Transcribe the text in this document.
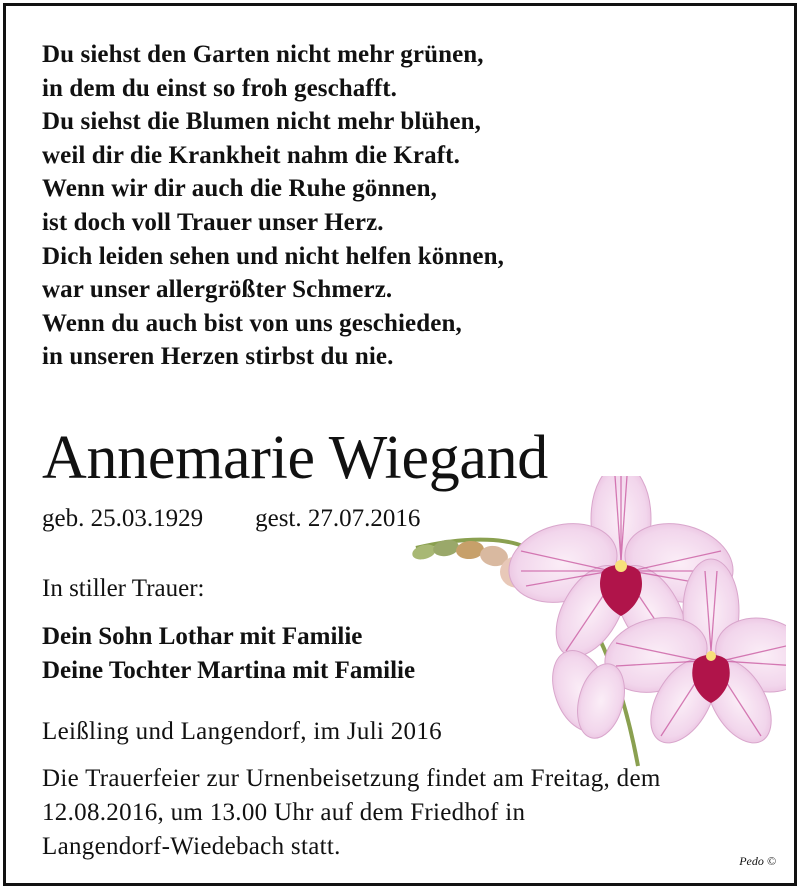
Du siehst den Garten nicht mehr grünen,
in dem du einst so froh geschafft.
Du siehst die Blumen nicht mehr blühen,
weil dir die Krankheit nahm die Kraft.
Wenn wir dir auch die Ruhe gönnen,
ist doch voll Trauer unser Herz.
Dich leiden sehen und nicht helfen können,
war unser allergrößter Schmerz.
Wenn du auch bist von uns geschieden,
in unseren Herzen stirbst du nie.
Annemarie Wiegand
geb. 25.03.1929 gest. 27.07.2016
In stiller Trauer:
Dein Sohn Lothar mit Familie
Deine Tochter Martina mit Familie
Leißling und Langendorf, im Juli 2016
Die Trauerfeier zur Urnenbeisetzung findet am Freitag, dem
12.08.2016, um 13.00 Uhr auf dem Friedhof in
Langendorf-Wiedebach statt.
Pedo ©
